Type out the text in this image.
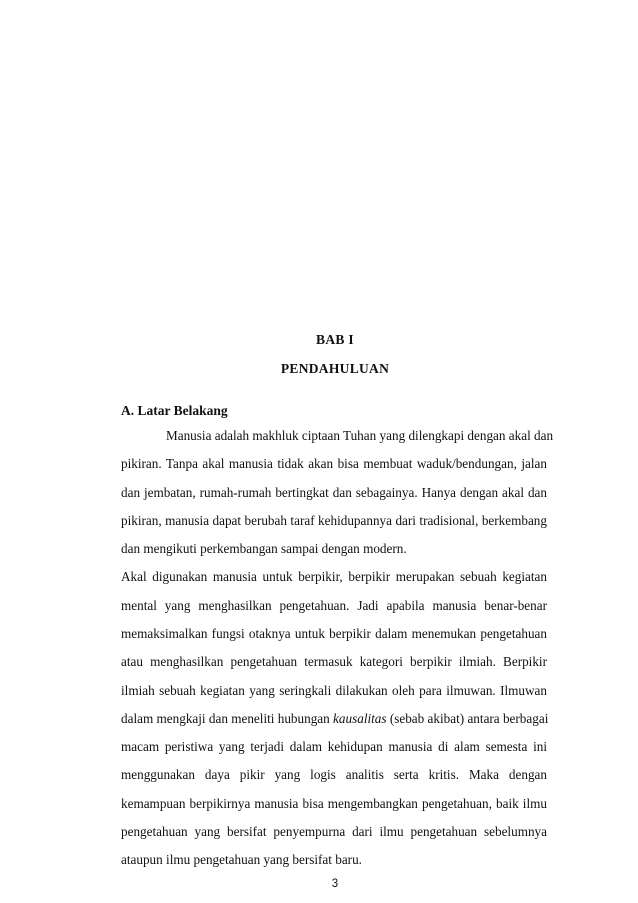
BAB I
PENDAHULUAN
A. Latar Belakang
Manusia adalah makhluk ciptaan Tuhan yang dilengkapi dengan akal dan
pikiran. Tanpa akal manusia tidak akan bisa membuat waduk/bendungan, jalan
dan jembatan, rumah-rumah bertingkat dan sebagainya. Hanya dengan akal dan
pikiran, manusia dapat berubah taraf kehidupannya dari tradisional, berkembang
dan mengikuti perkembangan sampai dengan modern.
Akal digunakan manusia untuk berpikir, berpikir merupakan sebuah kegiatan
mental yang menghasilkan pengetahuan. Jadi apabila manusia benar-benar
memaksimalkan fungsi otaknya untuk berpikir dalam menemukan pengetahuan
atau menghasilkan pengetahuan termasuk kategori berpikir ilmiah. Berpikir
ilmiah sebuah kegiatan yang seringkali dilakukan oleh para ilmuwan. Ilmuwan
dalam mengkaji dan meneliti hubungan kausalitas (sebab akibat) antara berbagai
macam peristiwa yang terjadi dalam kehidupan manusia di alam semesta ini
menggunakan daya pikir yang logis analitis serta kritis. Maka dengan
kemampuan berpikirnya manusia bisa mengembangkan pengetahuan, baik ilmu
pengetahuan yang bersifat penyempurna dari ilmu pengetahuan sebelumnya
ataupun ilmu pengetahuan yang bersifat baru.
3
